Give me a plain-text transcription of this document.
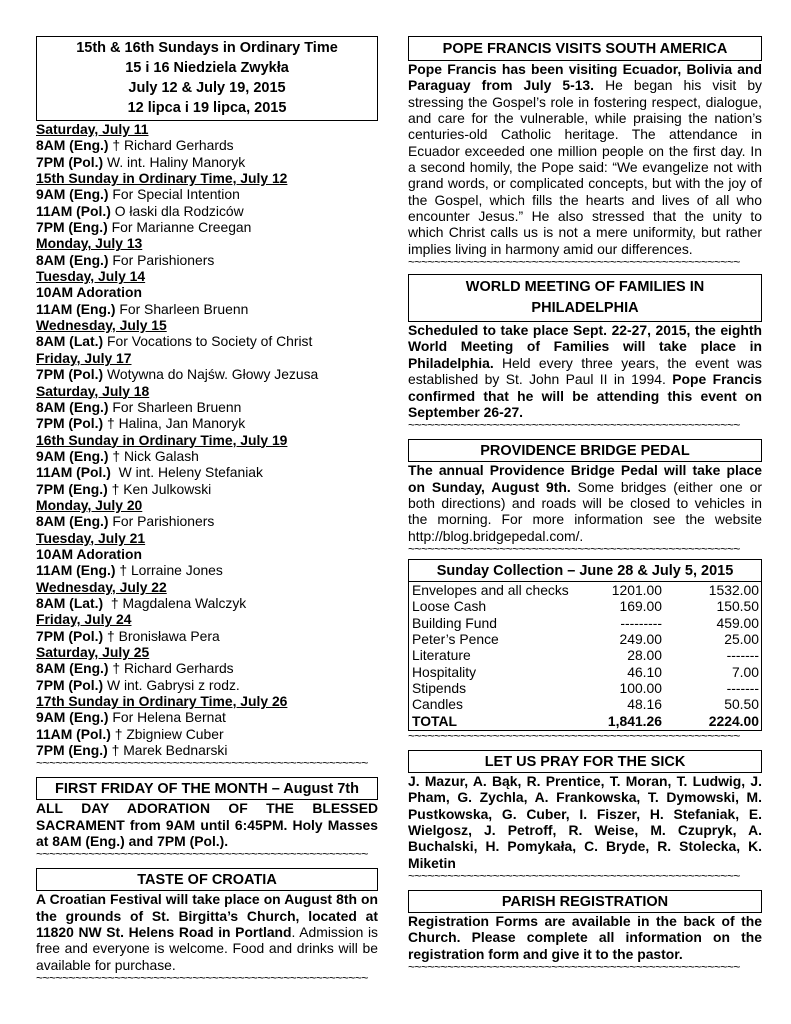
15th & 16th Sundays in Ordinary Time
15 i 16 Niedziela Zwykła
July 12 & July 19, 2015
12 lipca i 19 lipca, 2015
Saturday, July 11
8AM (Eng.) † Richard Gerhards
7PM (Pol.) W. int. Haliny Manoryk
15th Sunday in Ordinary Time, July 12
9AM (Eng.) For Special Intention
11AM (Pol.) O łaski dla Rodziców
7PM (Eng.) For Marianne Creegan
Monday, July 13
8AM (Eng.) For Parishioners
Tuesday, July 14
10AM Adoration
11AM (Eng.) For Sharleen Bruenn
Wednesday, July 15
8AM (Lat.) For Vocations to Society of Christ
Friday, July 17
7PM (Pol.) Wotywna do Najśw. Głowy Jezusa
Saturday, July 18
8AM (Eng.) For Sharleen Bruenn
7PM (Pol.) † Halina, Jan Manoryk
16th Sunday in Ordinary Time, July 19
9AM (Eng.) † Nick Galash
11AM (Pol.)  W int. Heleny Stefaniak
7PM (Eng.) † Ken Julkowski
Monday, July 20
8AM (Eng.) For Parishioners
Tuesday, July 21
10AM Adoration
11AM (Eng.) † Lorraine Jones
Wednesday, July 22
8AM (Lat.)  † Magdalena Walczyk
Friday, July 24
7PM (Pol.) † Bronisława Pera
Saturday, July 25
8AM (Eng.) † Richard Gerhards
7PM (Pol.) W int. Gabrysi z rodz.
17th Sunday in Ordinary Time, July 26
9AM (Eng.) For Helena Bernat
11AM (Pol.) † Zbigniew Cuber
7PM (Eng.) † Marek Bednarski
~~~~~~~~~~~~~~~~~~~~~~~~~~~~~~~~~~~~~~~~~~~~~~~~~~~
FIRST FRIDAY OF THE MONTH – August 7th
ALL DAY ADORATION OF THE BLESSED SACRAMENT from 9AM until 6:45PM. Holy Masses at 8AM (Eng.) and 7PM (Pol.).
~~~~~~~~~~~~~~~~~~~~~~~~~~~~~~~~~~~~~~~~~~~~~~~~~~~
TASTE OF CROATIA
A Croatian Festival will take place on August 8th on the grounds of St. Birgitta’s Church, located at 11820 NW St. Helens Road in Portland. Admission is free and everyone is welcome. Food and drinks will be available for purchase.
~~~~~~~~~~~~~~~~~~~~~~~~~~~~~~~~~~~~~~~~~~~~~~~~~~~
POPE FRANCIS VISITS SOUTH AMERICA
Pope Francis has been visiting Ecuador, Bolivia and Paraguay from July 5-13. He began his visit by stressing the Gospel’s role in fostering respect, dialogue, and care for the vulnerable, while praising the nation’s centuries-old Catholic heritage. The attendance in Ecuador exceeded one million people on the first day. In a second homily, the Pope said: “We evangelize not with grand words, or complicated concepts, but with the joy of the Gospel, which fills the hearts and lives of all who encounter Jesus.” He also stressed that the unity to which Christ calls us is not a mere uniformity, but rather implies living in harmony amid our differences.
~~~~~~~~~~~~~~~~~~~~~~~~~~~~~~~~~~~~~~~~~~~~~~~~~~~
WORLD MEETING OF FAMILIES IN
PHILADELPHIA
Scheduled to take place Sept. 22-27, 2015, the eighth World Meeting of Families will take place in Philadelphia. Held every three years, the event was established by St. John Paul II in 1994. Pope Francis confirmed that he will be attending this event on September 26-27.
~~~~~~~~~~~~~~~~~~~~~~~~~~~~~~~~~~~~~~~~~~~~~~~~~~~
PROVIDENCE BRIDGE PEDAL
The annual Providence Bridge Pedal will take place on Sunday, August 9th. Some bridges (either one or both directions) and roads will be closed to vehicles in the morning. For more information see the website http://blog.bridgepedal.com/.
~~~~~~~~~~~~~~~~~~~~~~~~~~~~~~~~~~~~~~~~~~~~~~~~~~~
Sunday Collection – June 28 & July 5, 2015
Envelopes and all checks	1201.00	1532.00
Loose Cash	169.00	150.50
Building Fund	---------	459.00
Peter’s Pence	249.00	25.00
Literature	28.00	-------
Hospitality	46.10	7.00
Stipends	100.00	-------
Candles	48.16	50.50
TOTAL	1,841.26	2224.00
~~~~~~~~~~~~~~~~~~~~~~~~~~~~~~~~~~~~~~~~~~~~~~~~~~~
LET US PRAY FOR THE SICK
J. Mazur, A. Bąk, R. Prentice, T. Moran, T. Ludwig, J. Pham, G. Zychla, A. Frankowska, T. Dymowski, M. Pustkowska, G. Cuber, I. Fiszer, H. Stefaniak, E. Wielgosz, J. Petroff, R. Weise, M. Czupryk, A. Buchalski, H. Pomykała, C. Bryde, R. Stolecka, K. Miketin
~~~~~~~~~~~~~~~~~~~~~~~~~~~~~~~~~~~~~~~~~~~~~~~~~~~
PARISH REGISTRATION
Registration Forms are available in the back of the Church. Please complete all information on the registration form and give it to the pastor.
~~~~~~~~~~~~~~~~~~~~~~~~~~~~~~~~~~~~~~~~~~~~~~~~~~~
